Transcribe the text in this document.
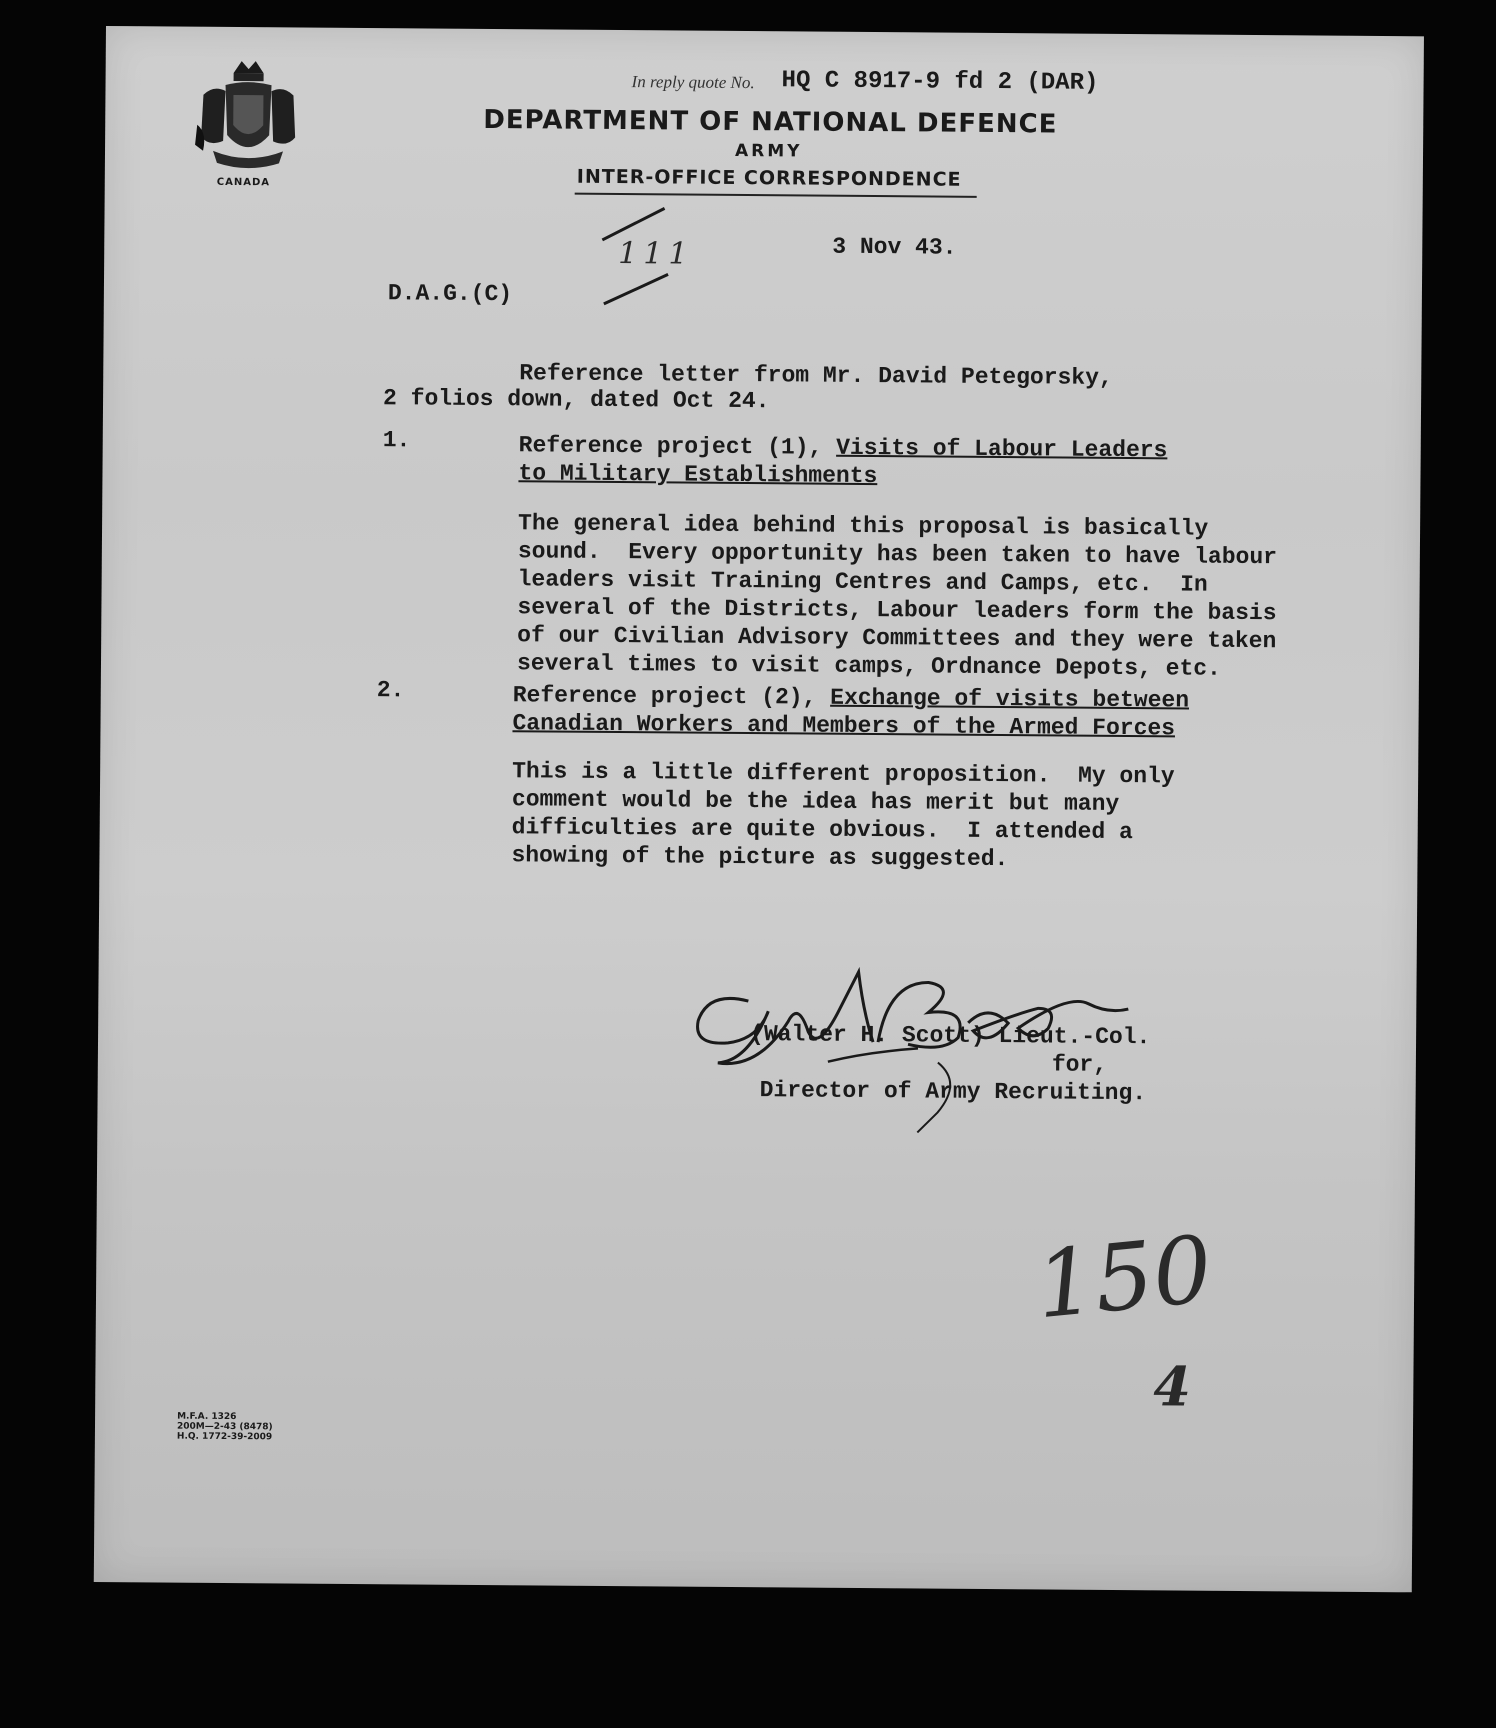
CANADA
In reply quote No. HQ C 8917-9 fd 2 (DAR)
DEPARTMENT OF NATIONAL DEFENCE
ARMY
INTER-OFFICE CORRESPONDENCE
111	3 Nov 43.
D.A.G.(C)
Reference letter from Mr. David Petegorsky,
2 folios down, dated Oct 24.
1.	Reference project (1), Visits of Labour Leaders
to Military Establishments
The general idea behind this proposal is basically
sound.  Every opportunity has been taken to have labour
leaders visit Training Centres and Camps, etc.  In
several of the Districts, Labour leaders form the basis
of our Civilian Advisory Committees and they were taken
several times to visit camps, Ordnance Depots, etc.
2.	Reference project (2), Exchange of visits between
Canadian Workers and Members of the Armed Forces
This is a little different proposition.  My only
comment would be the idea has merit but many
difficulties are quite obvious.  I attended a
showing of the picture as suggested.
(Walter H. Scott) Lieut.-Col.
for,
Director of Army Recruiting.
150
4
M.F.A. 1326
200M—2-43 (8478)
H.Q. 1772-39-2009
